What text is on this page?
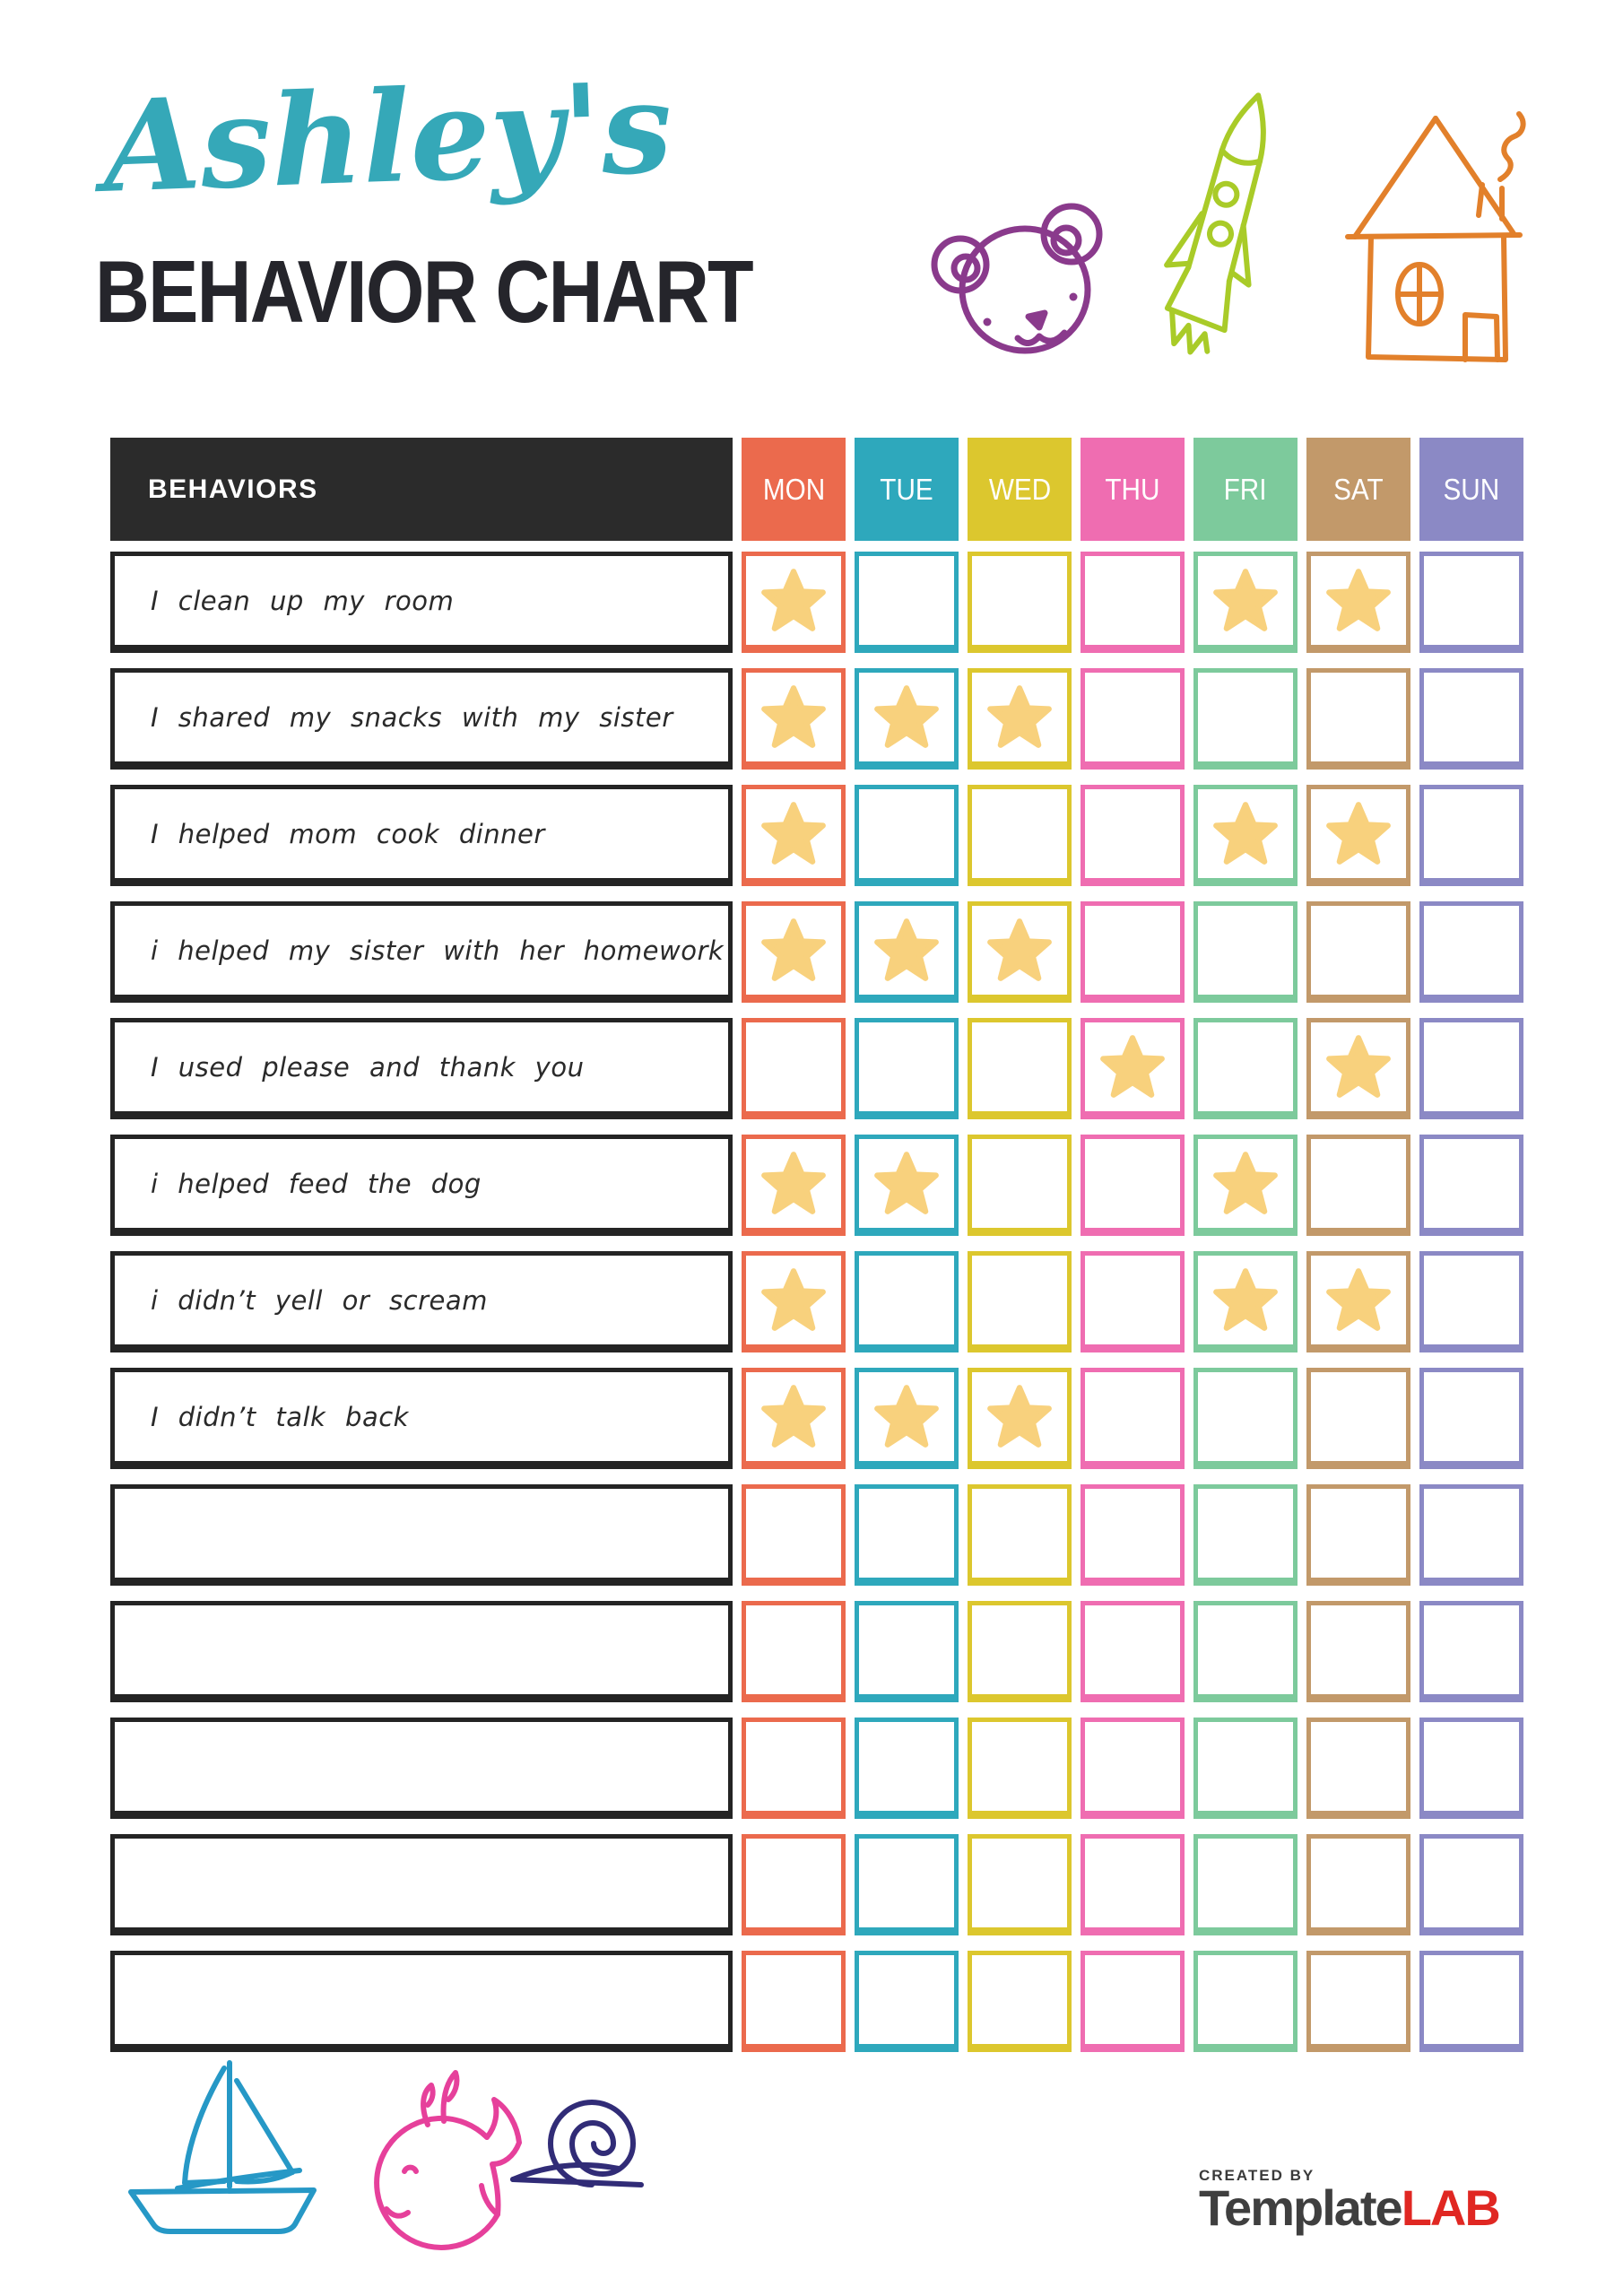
Ashley's
BEHAVIOR CHART
BEHAVIORS	MON TUE WED THU FRI SAT SUN
I clean up my room
I shared my snacks with my sister
I helped mom cook dinner
i helped my sister with her homework
I used please and thank you
i helped feed the dog
i didn’t yell or scream
I didn’t talk back
CREATED BY
TemplateLAB
